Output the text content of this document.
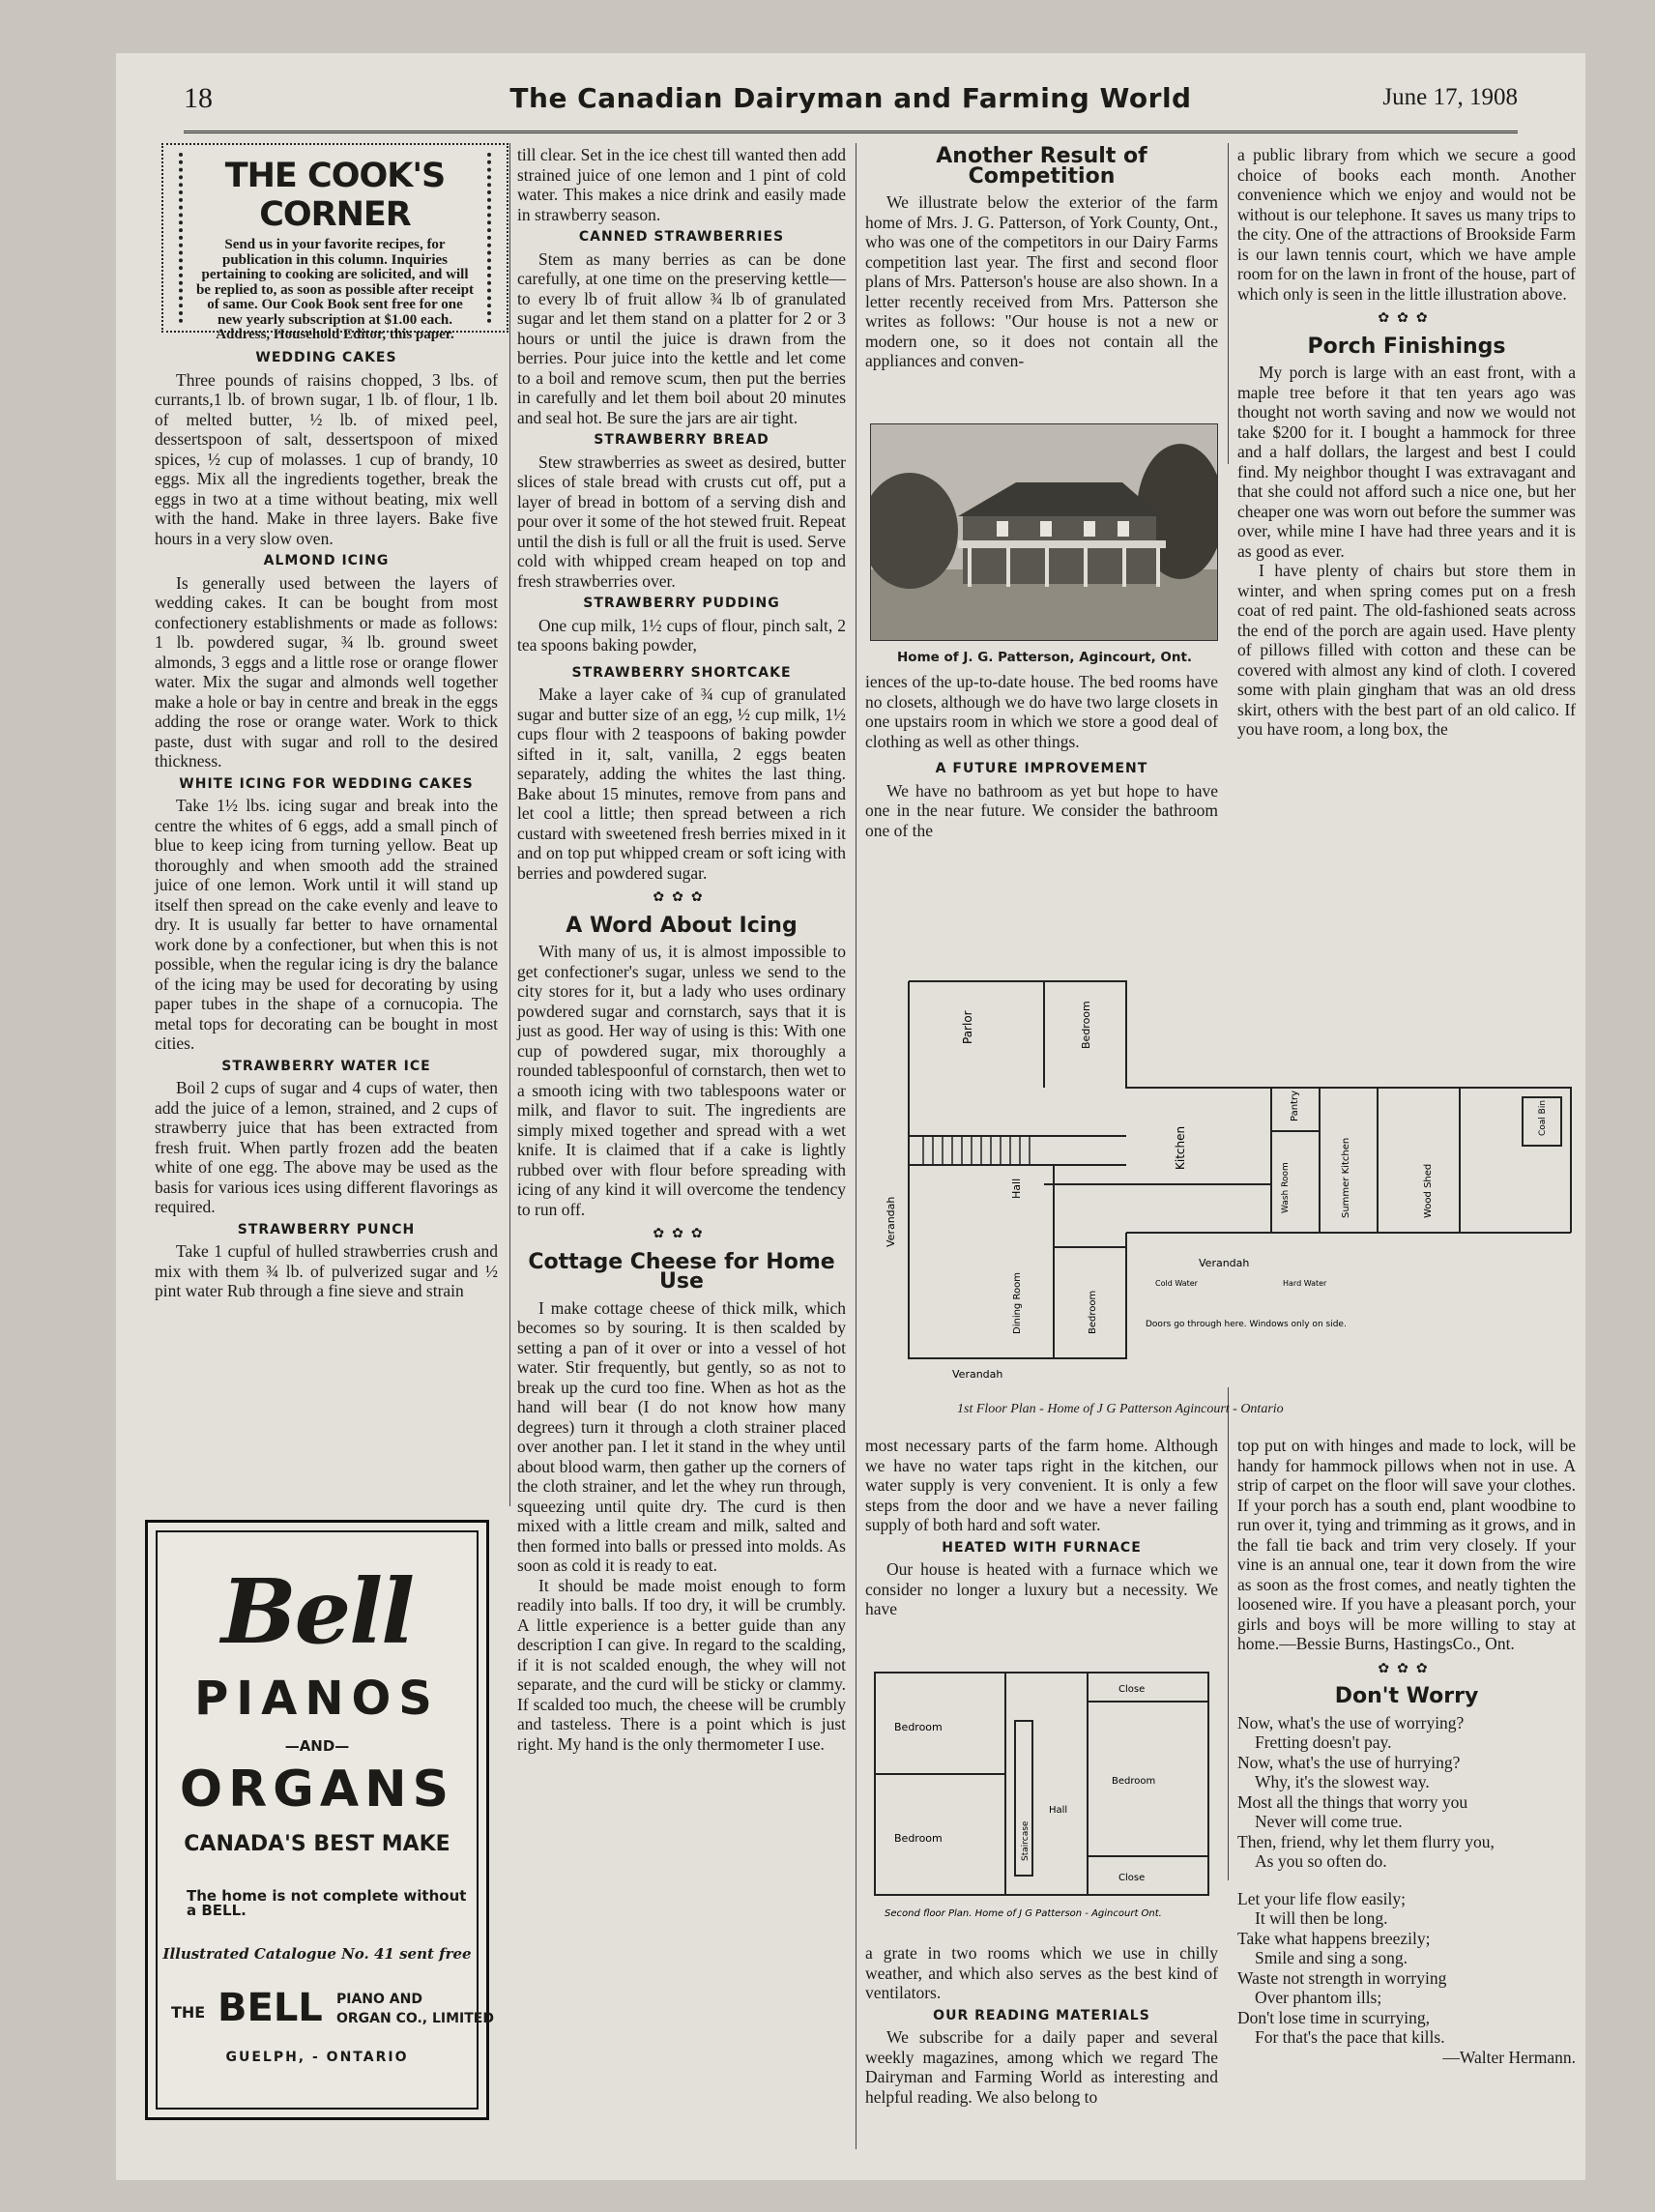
18	The Canadian Dairyman and Farming World	June 17, 1908
THE COOK'S CORNER
Send us in your favorite recipes, for publication in this column. Inquiries pertaining to cooking are solicited, and will be replied to, as soon as possible after receipt of same. Our Cook Book sent free for one new yearly subscription at $1.00 each. Address, Household Editor, this paper.
WEDDING CAKES

Three pounds of raisins chopped, 3 lbs. of currants,1 lb. of brown sugar, 1 lb. of flour, 1 lb. of melted butter, ½ lb. of mixed peel, dessertspoon of salt, dessertspoon of mixed spices, ½ cup of molasses. 1 cup of brandy, 10 eggs. Mix all the ingredients together, break the eggs in two at a time without beating, mix well with the hand. Make in three layers. Bake five hours in a very slow oven.

ALMOND ICING

Is generally used between the layers of wedding cakes. It can be bought from most confectionery establishments or made as follows: 1 lb. powdered sugar, ¾ lb. ground sweet almonds, 3 eggs and a little rose or orange flower water. Mix the sugar and almonds well together make a hole or bay in centre and break in the eggs adding the rose or orange water. Work to thick paste, dust with sugar and roll to the desired thickness.

WHITE ICING FOR WEDDING CAKES

Take 1½ lbs. icing sugar and break into the centre the whites of 6 eggs, add a small pinch of blue to keep icing from turning yellow. Beat up thoroughly and when smooth add the strained juice of one lemon. Work until it will stand up itself then spread on the cake evenly and leave to dry. It is usually far better to have ornamental work done by a confectioner, but when this is not possible, when the regular icing is dry the balance of the icing may be used for decorating by using paper tubes in the shape of a cornucopia. The metal tops for decorating can be bought in most cities.

STRAWBERRY WATER ICE

Boil 2 cups of sugar and 4 cups of water, then add the juice of a lemon, strained, and 2 cups of strawberry juice that has been extracted from fresh fruit. When partly frozen add the beaten white of one egg. The above may be used as the basis for various ices using different flavorings as required.

STRAWBERRY PUNCH

Take 1 cupful of hulled strawberries crush and mix with them ¾ lb. of pulverized sugar and ½ pint water Rub through a fine sieve and strain

Bell
PIANOS
—AND—
ORGANS
CANADA'S BEST MAKE
The home is not complete without a BELL.
Illustrated Catalogue No. 41 sent free
THE BELL PIANO AND
ORGAN CO., LIMITED
GUELPH, - ONTARIO

till clear. Set in the ice chest till wanted then add strained juice of one lemon and 1 pint of cold water. This makes a nice drink and easily made in strawberry season.

CANNED STRAWBERRIES

Stem as many berries as can be done carefully, at one time on the preserving kettle—to every lb of fruit allow ¾ lb of granulated sugar and let them stand on a platter for 2 or 3 hours or until the juice is drawn from the berries. Pour juice into the kettle and let come to a boil and remove scum, then put the berries in carefully and let them boil about 20 minutes and seal hot. Be sure the jars are air tight.

STRAWBERRY BREAD

Stew strawberries as sweet as desired, butter slices of stale bread with crusts cut off, put a layer of bread in bottom of a serving dish and pour over it some of the hot stewed fruit. Repeat until the dish is full or all the fruit is used. Serve cold with whipped cream heaped on top and fresh strawberries over.

STRAWBERRY PUDDING

One cup milk, 1½ cups of flour, pinch salt, 2 tea spoons baking powder,

STRAWBERRY SHORTCAKE

Make a layer cake of ¾ cup of granulated sugar and butter size of an egg, ½ cup milk, 1½ cups flour with 2 teaspoons of baking powder sifted in it, salt, vanilla, 2 eggs beaten separately, adding the whites the last thing. Bake about 15 minutes, remove from pans and let cool a little; then spread between a rich custard with sweetened fresh berries mixed in it and on top put whipped cream or soft icing with berries and powdered sugar.

✿✿✿
A Word About Icing

With many of us, it is almost impossible to get confectioner's sugar, unless we send to the city stores for it, but a lady who uses ordinary powdered sugar and cornstarch, says that it is just as good. Her way of using is this: With one cup of powdered sugar, mix thoroughly a rounded tablespoonful of cornstarch, then wet to a smooth icing with two tablespoons water or milk, and flavor to suit. The ingredients are simply mixed together and spread with a wet knife. It is claimed that if a cake is lightly rubbed over with flour before spreading with icing of any kind it will overcome the tendency to run off.

✿✿✿
Cottage Cheese for Home Use

I make cottage cheese of thick milk, which becomes so by souring. It is then scalded by setting a pan of it over or into a vessel of hot water. Stir frequently, but gently, so as not to break up the curd too fine. When as hot as the hand will bear (I do not know how many degrees) turn it through a cloth strainer placed over another pan. I let it stand in the whey until about blood warm, then gather up the corners of the cloth strainer, and let the whey run through, squeezing until quite dry. The curd is then mixed with a little cream and milk, salted and then formed into balls or pressed into molds. As soon as cold it is ready to eat.

It should be made moist enough to form readily into balls. If too dry, it will be crumbly. A little experience is a better guide than any description I can give. In regard to the scalding, if it is not scalded enough, the whey will not separate, and the curd will be sticky or clammy. If scalded too much, the cheese will be crumbly and tasteless. There is a point which is just right. My hand is the only thermometer I use.

Another Result of Competition

We illustrate below the exterior of the farm home of Mrs. J. G. Patterson, of York County, Ont., who was one of the competitors in our Dairy Farms competition last year. The first and second floor plans of Mrs. Patterson's house are also shown. In a letter recently received from Mrs. Patterson she writes as follows: "Our house is not a new or modern one, so it does not contain all the appliances and conven-

Home of J. G. Patterson, Agincourt, Ont.

iences of the up-to-date house. The bed rooms have no closets, although we do have two large closets in one upstairs room in which we store a good deal of clothing as well as other things.

A FUTURE IMPROVEMENT

We have no bathroom as yet but hope to have one in the near future. We consider the bathroom one of the

a public library from which we secure a good choice of books each month. Another convenience which we enjoy and would not be without is our telephone. It saves us many trips to the city. One of the attractions of Brookside Farm is our lawn tennis court, which we have ample room for on the lawn in front of the house, part of which only is seen in the little illustration above.

✿✿✿
Porch Finishings

My porch is large with an east front, with a maple tree before it that ten years ago was thought not worth saving and now we would not take $200 for it. I bought a hammock for three and a half dollars, the largest and best I could find. My neighbor thought I was extravagant and that she could not afford such a nice one, but her cheaper one was worn out before the summer was over, while mine I have had three years and it is as good as ever.

I have plenty of chairs but store them in winter, and when spring comes put on a fresh coat of red paint. The old-fashioned seats across the end of the porch are again used. Have plenty of pillows filled with cotton and these can be covered with almost any kind of cloth. I covered some with plain gingham that was an old dress skirt, others with the best part of an old calico. If you have room, a long box, the

Parlor	Bedroom
Hall
Kitchen
Pantry
Wash Room	Summer Kitchen	Wood Shed
Coal Bin
Verandah
Verandah
Verandah
Dining Room	Bedroom
Cold Water	Hard Water
Doors go through here. Windows only on side.
1st Floor Plan - Home of J G Patterson Agincourt - Ontario

most necessary parts of the farm home. Although we have no water taps right in the kitchen, our water supply is very convenient. It is only a few steps from the door and we have a never failing supply of both hard and soft water.

HEATED WITH FURNACE

Our house is heated with a furnace which we consider no longer a luxury but a necessity. We have

Bedroom
Bedroom
Close
Close
Bedroom
Hall
Staircase
Second floor Plan. Home of J G Patterson - Agincourt Ont.

a grate in two rooms which we use in chilly weather, and which also serves as the best kind of ventilators.

OUR READING MATERIALS

We subscribe for a daily paper and several weekly magazines, among which we regard The Dairyman and Farming World as interesting and helpful reading. We also belong to

top put on with hinges and made to lock, will be handy for hammock pillows when not in use. A strip of carpet on the floor will save your clothes. If your porch has a south end, plant woodbine to run over it, tying and trimming as it grows, and in the fall tie back and trim very closely. If your vine is an annual one, tear it down from the wire as soon as the frost comes, and neatly tighten the loosened wire. If you have a pleasant porch, your girls and boys will be more willing to stay at home.—Bessie Burns, HastingsCo., Ont.

✿✿✿
Don't Worry

Now, what's the use of worrying?

Fretting doesn't pay.

Now, what's the use of hurrying?

Why, it's the slowest way.

Most all the things that worry you

Never will come true.

Then, friend, why let them flurry you,

As you so often do.

Let your life flow easily;

It will then be long.

Take what happens breezily;

Smile and sing a song.

Waste not strength in worrying

Over phantom ills;

Don't lose time in scurrying,

For that's the pace that kills.

—Walter Hermann.
